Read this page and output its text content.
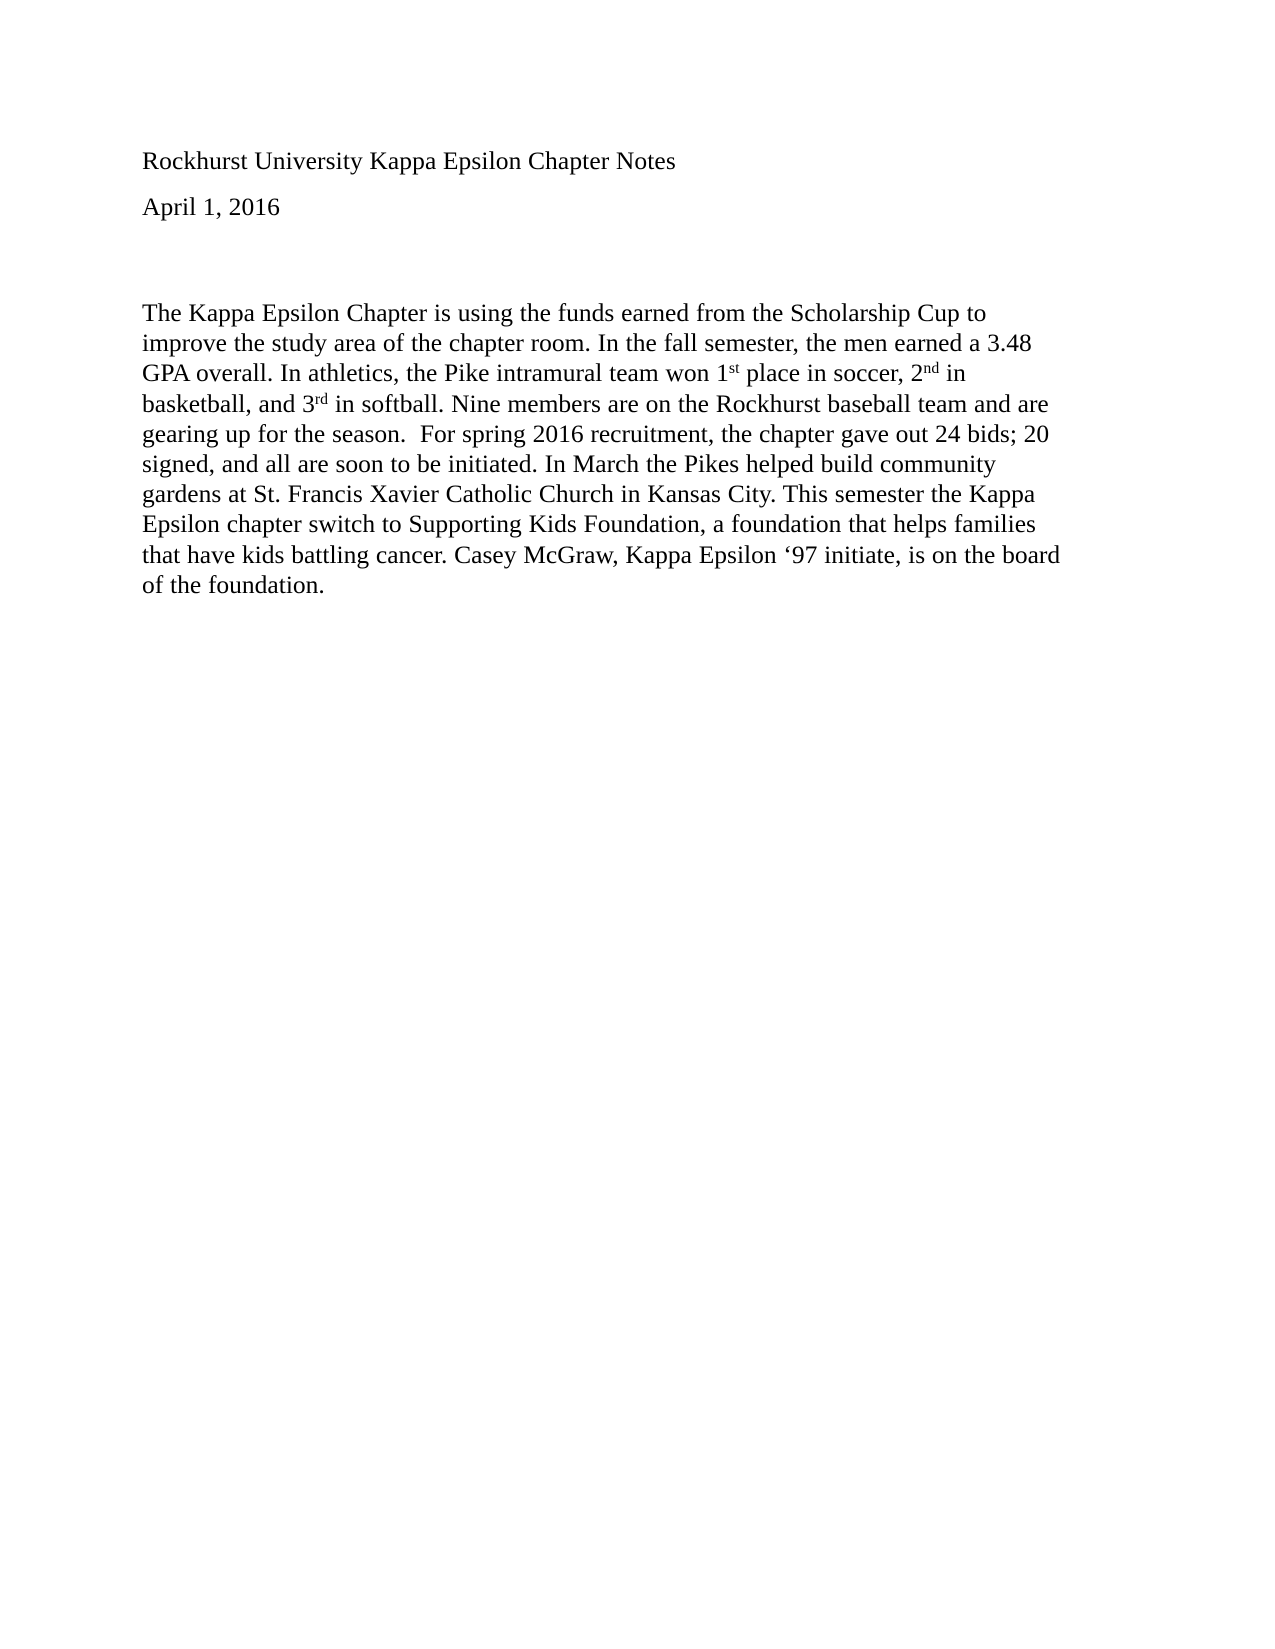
Rockhurst University Kappa Epsilon Chapter Notes
April 1, 2016

The Kappa Epsilon Chapter is using the funds earned from the Scholarship Cup to improve the study area of the chapter room. In the fall semester, the men earned a 3.48 GPA overall. In athletics, the Pike intramural team won 1st place in soccer, 2nd in basketball, and 3rd in softball. Nine members are on the Rockhurst baseball team and are gearing up for the season.  For spring 2016 recruitment, the chapter gave out 24 bids; 20 signed, and all are soon to be initiated. In March the Pikes helped build community gardens at St. Francis Xavier Catholic Church in Kansas City. This semester the Kappa Epsilon chapter switch to Supporting Kids Foundation, a foundation that helps families that have kids battling cancer. Casey McGraw, Kappa Epsilon ‘97 initiate, is on the board of the foundation.
